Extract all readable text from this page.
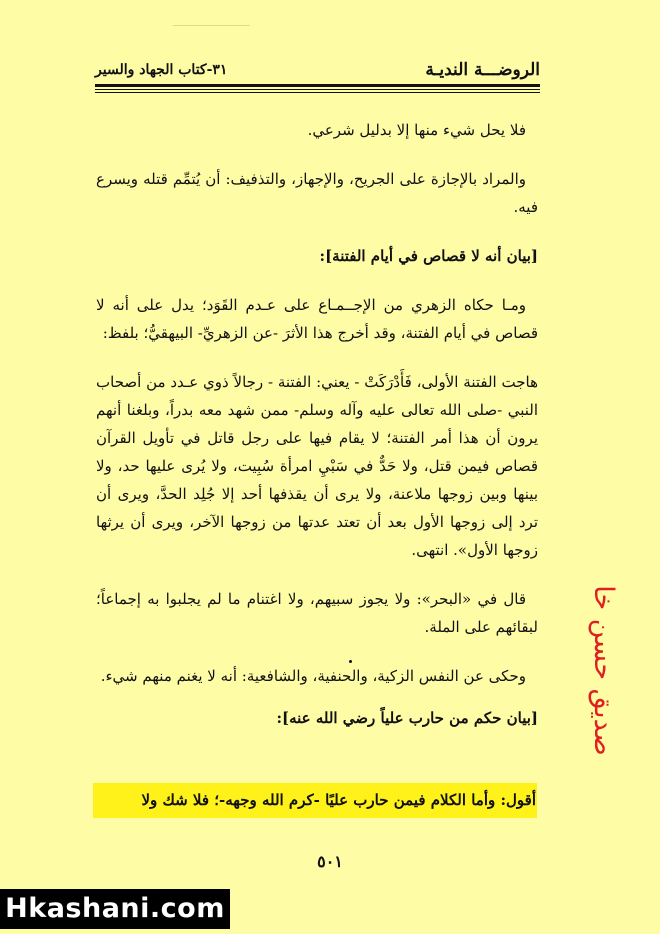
الروضـــة النديـة
٣١-كتاب الجهاد والسير

فلا يحل شيء منها إلا بدليل شرعي.

والمراد بالإجازة على الجريح، والإجهاز، والتذفيف: أن يُتمِّم قتله ويسرع فيه.

[بيان أنه لا قصاص في أيام الفتنة]:

ومـا حكاه الزهري من الإجــمـاع على عـدم القَوَد؛ يدل على أنه لا قصاص في أيام الفتنة، وقد أخرج هذا الأثرَ -عن الزهريِّ- البيهقيُّ؛ بلفظ:

هاجت الفتنة الأولى، فَأَدْرَكَتْ - يعني: الفتنة - رجالاً ذوي عـدد من أصحاب النبي -صلى الله تعالى عليه وآله وسلم- ممن شهد معه بدراً، وبلغنا أنهم يرون أن هذا أمر الفتنة؛ لا يقام فيها على رجل قاتل في تأويل القرآن قصاص فيمن قتل، ولا حَدٌّ في سَبْيِ امرأة سُبِيت، ولا يُرى عليها حد، ولا بينها وبين زوجها ملاعنة، ولا يرى أن يقذفها أحد إلا جُلِد الحدَّ، ويرى أن ترد إلى زوجها الأول بعد أن تعتد عدتها من زوجها الآخر، ويرى أن يرثها زوجها الأول». انتهى.

قال في «البحر»: ولا يجوز سبيهم، ولا اغتنام ما لم يجلبوا به إجماعاً؛ لبقائهم على الملة.

وحكى عن النفس الزكية، والحنفية، والشافعية: أنه لا يغنم منهم شيء.

[بيان حكم من حارب علياً رضي الله عنه]:

أقول: وأما الكلام فيمن حارب عليًا -كرم الله وجهه-؛ فلا شك ولا
٥٠١
صديق حسن خا
Hkashani.com
